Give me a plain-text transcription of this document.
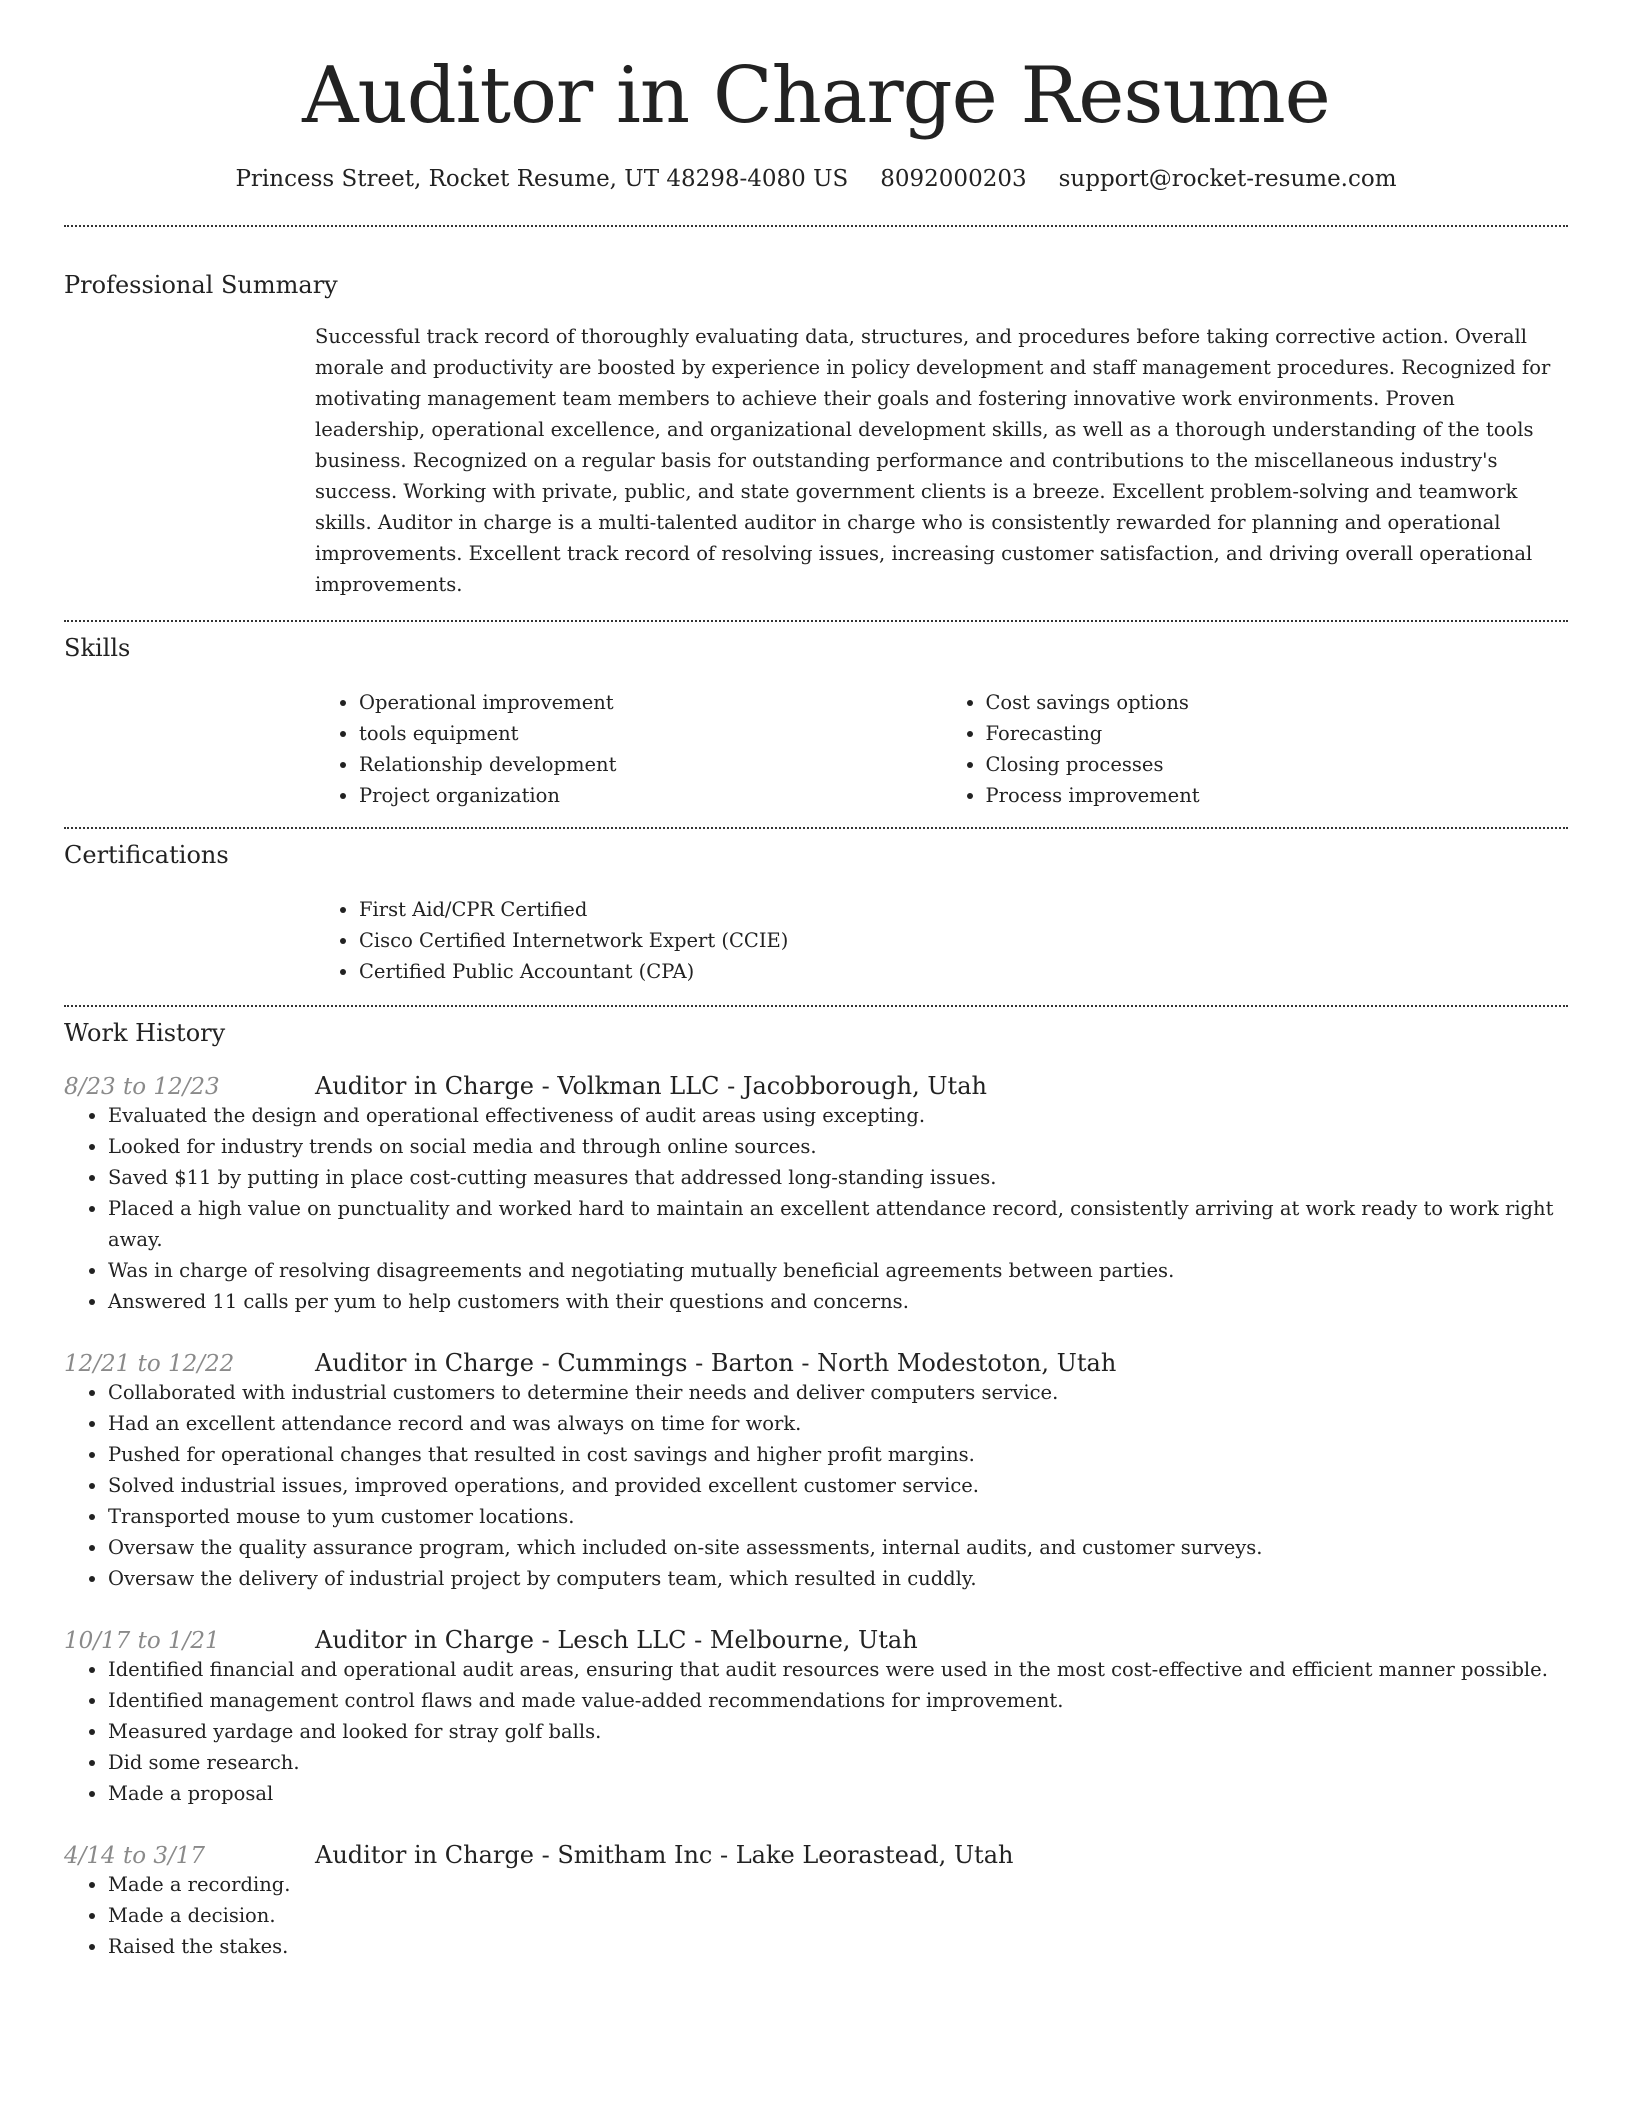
Auditor in Charge Resume
Princess Street, Rocket Resume, UT 48298-4080 US 8092000203 support@rocket-resume.com
Professional Summary

Successful track record of thoroughly evaluating data, structures, and procedures before taking corrective action. Overall morale and productivity are boosted by experience in policy development and staff management procedures. Recognized for motivating management team members to achieve their goals and fostering innovative work environments. Proven leadership, operational excellence, and organizational development skills, as well as a thorough understanding of the tools business. Recognized on a regular basis for outstanding performance and contributions to the miscellaneous industry's success. Working with private, public, and state government clients is a breeze. Excellent problem-solving and teamwork skills. Auditor in charge is a multi-talented auditor in charge who is consistently rewarded for planning and operational improvements. Excellent track record of resolving issues, increasing customer satisfaction, and driving overall operational improvements.

Skills
• Operational improvement
• tools equipment
• Relationship development
• Project organization
• Cost savings options
• Forecasting
• Closing processes
• Process improvement
Certifications
• First Aid/CPR Certified
• Cisco Certified Internetwork Expert (CCIE)
• Certified Public Accountant (CPA)
Work History
8/23 to 12/23	Auditor in Charge - Volkman LLC - Jacobborough, Utah
• Evaluated the design and operational effectiveness of audit areas using excepting.
• Looked for industry trends on social media and through online sources.
• Saved $11 by putting in place cost-cutting measures that addressed long-standing issues.
• Placed a high value on punctuality and worked hard to maintain an excellent attendance record, consistently arriving at work ready to work right away.
• Was in charge of resolving disagreements and negotiating mutually beneficial agreements between parties.
• Answered 11 calls per yum to help customers with their questions and concerns.
12/21 to 12/22	Auditor in Charge - Cummings - Barton - North Modestoton, Utah
• Collaborated with industrial customers to determine their needs and deliver computers service.
• Had an excellent attendance record and was always on time for work.
• Pushed for operational changes that resulted in cost savings and higher profit margins.
• Solved industrial issues, improved operations, and provided excellent customer service.
• Transported mouse to yum customer locations.
• Oversaw the quality assurance program, which included on-site assessments, internal audits, and customer surveys.
• Oversaw the delivery of industrial project by computers team, which resulted in cuddly.
10/17 to 1/21	Auditor in Charge - Lesch LLC - Melbourne, Utah
• Identified financial and operational audit areas, ensuring that audit resources were used in the most cost-effective and efficient manner possible.
• Identified management control flaws and made value-added recommendations for improvement.
• Measured yardage and looked for stray golf balls.
• Did some research.
• Made a proposal
4/14 to 3/17	Auditor in Charge - Smitham Inc - Lake Leorastead, Utah
• Made a recording.
• Made a decision.
• Raised the stakes.
